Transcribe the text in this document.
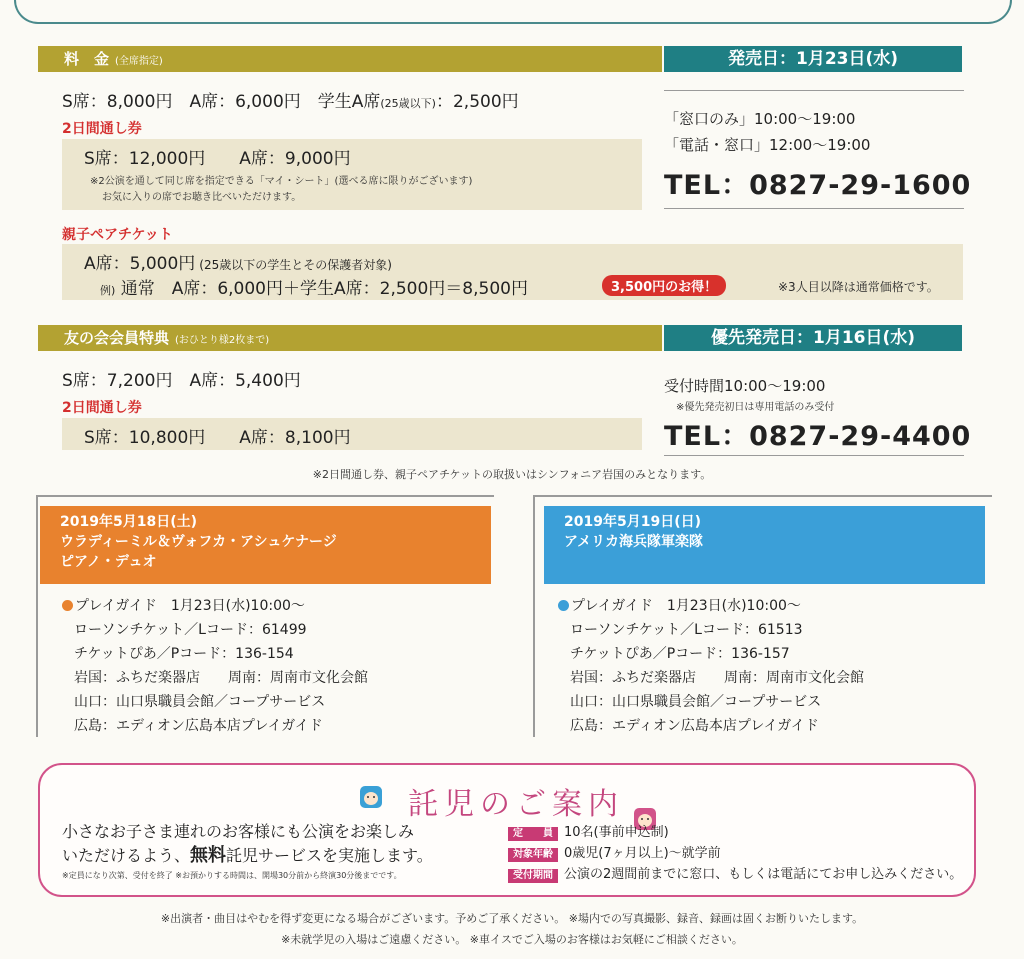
料　金 (全席指定)	発売日：1月23日(水)
S席：8,000円　A席：6,000円　学生A席(25歳以下)：2,500円
2日間通し券
S席：12,000円　　A席：9,000円
※2公演を通して同じ席を指定できる「マイ・シート」(選べる席に限りがございます)
お気に入りの席でお聴き比べいただけます。
親子ペアチケット
A席：5,000円 (25歳以下の学生とその保護者対象)
例) 通常　A席：6,000円＋学生A席：2,500円＝8,500円	3,500円のお得！	※3人目以降は通常価格です。
「窓口のみ」10:00〜19:00
「電話・窓口」12:00〜19:00
TEL：0827-29-1600
友の会会員特典 (おひとり様2枚まで)	優先発売日：1月16日(水)
S席：7,200円　A席：5,400円
2日間通し券
S席：10,800円　　A席：8,100円
受付時間10:00〜19:00
※優先発売初日は専用電話のみ受付
TEL：0827-29-4400
※2日間通し券、親子ペアチケットの取扱いはシンフォニア岩国のみとなります。
2019年5月18日(土)
ウラディーミル＆ヴォフカ・アシュケナージ
ピアノ・デュオ
プレイガイド　1月23日(水)10:00〜
ローソンチケット／Lコード：61499
チケットぴあ／Pコード：136-154
岩国：ふちだ楽器店　　周南：周南市文化会館
山口：山口県職員会館／コープサービス
広島：エディオン広島本店プレイガイド
2019年5月19日(日)
アメリカ海兵隊軍楽隊
プレイガイド　1月23日(水)10:00〜
ローソンチケット／Lコード：61513
チケットぴあ／Pコード：136-157
岩国：ふちだ楽器店　　周南：周南市文化会館
山口：山口県職員会館／コープサービス
広島：エディオン広島本店プレイガイド
託児のご案内
小さなお子さま連れのお客様にも公演をお楽しみ
いただけるよう、無料託児サービスを実施します。
※定員になり次第、受付を終了 ※お預かりする時間は、開場30分前から終演30分後までです。
定　　員 10名(事前申込制)
対象年齢 0歳児(7ヶ月以上)〜就学前
受付期間 公演の2週間前までに窓口、もしくは電話にてお申し込みください。
※出演者・曲目はやむを得ず変更になる場合がございます。予めご了承ください。 ※場内での写真撮影、録音、録画は固くお断りいたします。
※未就学児の入場はご遠慮ください。 ※車イスでご入場のお客様はお気軽にご相談ください。
